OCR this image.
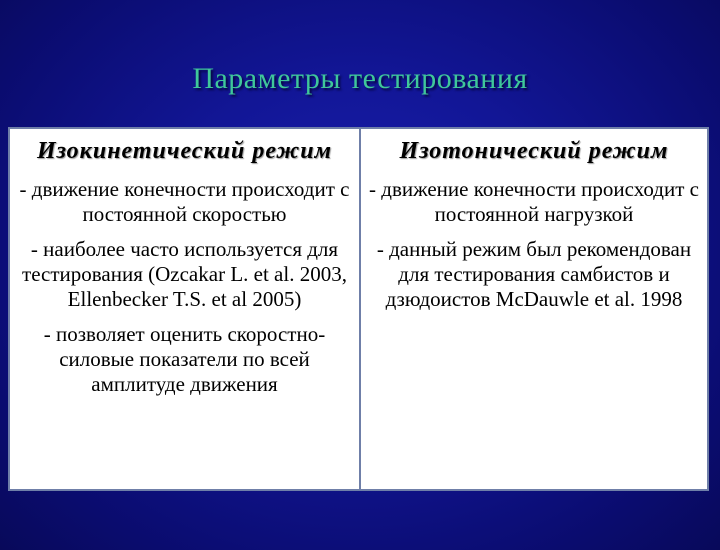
Параметры тестирования
Изокинетический режим
- движение конечности происходит с постоянной скоростью
- наиболее часто используется для тестирования (Ozcakar L. et al. 2003, Ellenbecker T.S. et al 2005)
- позволяет оценить скоростно-силовые показатели по всей амплитуде движения
Изотонический режим
- движение конечности происходит с постоянной нагрузкой
- данный режим был рекомендован для тестирования самбистов и дзюдоистов McDauwle et al. 1998
